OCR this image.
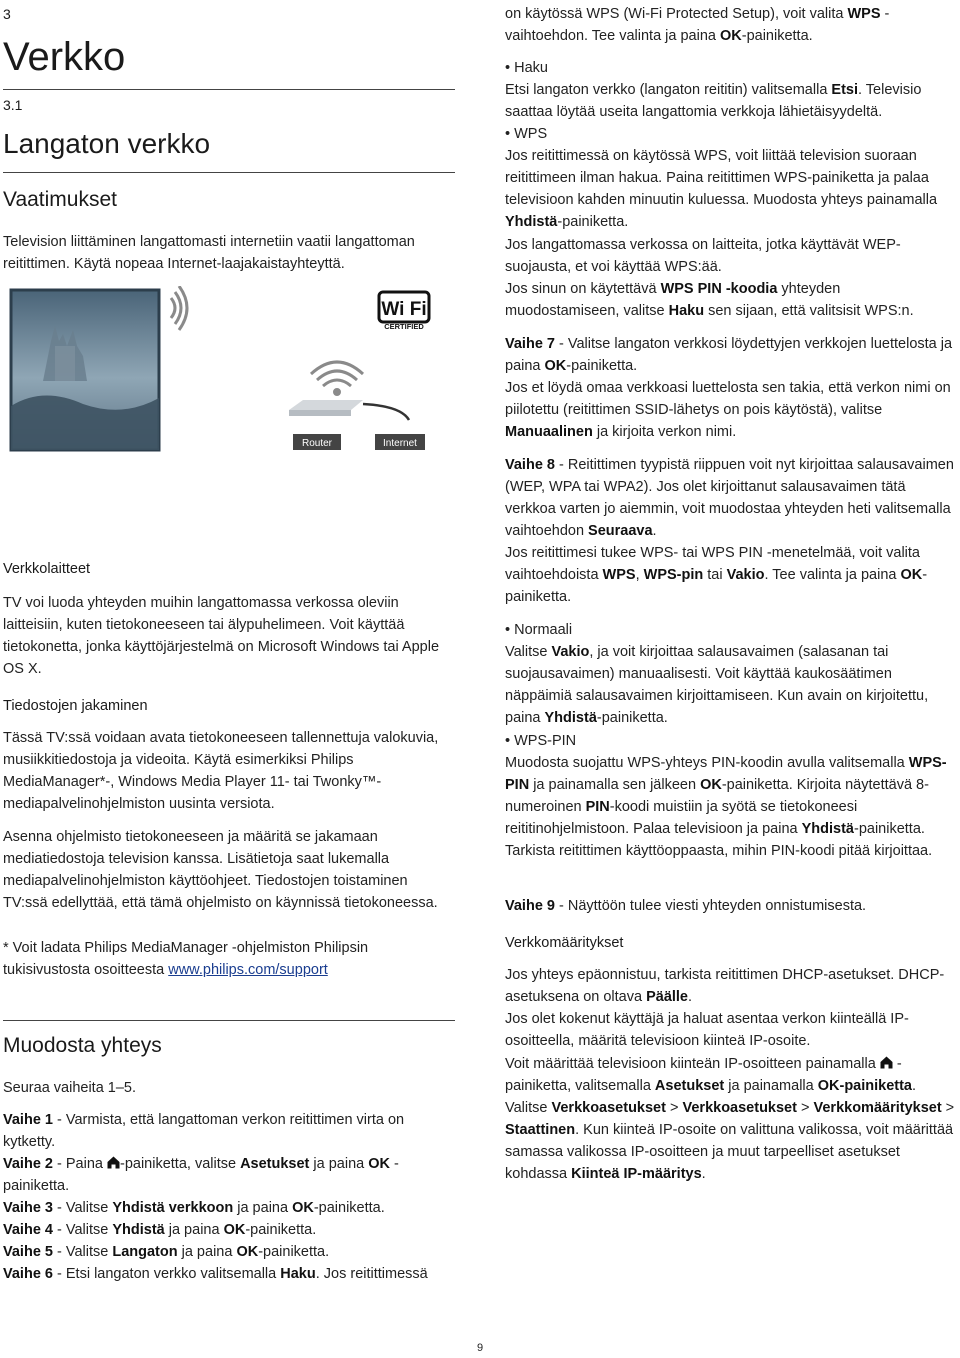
3
Verkko
3.1
Langaton verkko
Vaatimukset

Television liittäminen langattomasti internetiin vaatii langattoman reitittimen. Käytä nopeaa Internet-laajakaistayhteyttä.

Wi Fi
CERTIFIED
Router	Internet
Verkkolaitteet

TV voi luoda yhteyden muihin langattomassa verkossa oleviin laitteisiin, kuten tietokoneeseen tai älypuhelimeen. Voit käyttää tietokonetta, jonka käyttöjärjestelmä on Microsoft Windows tai Apple OS X.

Tiedostojen jakaminen

Tässä TV:ssä voidaan avata tietokoneeseen tallennettuja valokuvia, musiikkitiedostoja ja videoita. Käytä esimerkiksi Philips MediaManager*-, Windows Media Player 11- tai Twonky™-mediapalvelinohjelmiston uusinta versiota.

Asenna ohjelmisto tietokoneeseen ja määritä se jakamaan mediatiedostoja television kanssa. Lisätietoja saat lukemalla mediapalvelinohjelmiston käyttöohjeet. Tiedostojen toistaminen TV:ssä edellyttää, että tämä ohjelmisto on käynnissä tietokoneessa.

* Voit ladata Philips MediaManager -ohjelmiston Philipsin tukisivustosta osoitteesta www.philips.com/support

Muodosta yhteys

Seuraa vaiheita 1–5.

Vaihe 1 - Varmista, että langattoman verkon reitittimen virta on kytketty.

Vaihe 2 - Paina -painiketta, valitse Asetukset ja paina OK -painiketta.

Vaihe 3 - Valitse Yhdistä verkkoon ja paina OK-painiketta.

Vaihe 4 - Valitse Yhdistä ja paina OK-painiketta.

Vaihe 5 - Valitse Langaton ja paina OK-painiketta.

Vaihe 6 - Etsi langaton verkko valitsemalla Haku. Jos reitittimessä

on käytössä WPS (Wi-Fi Protected Setup), voit valita WPS -vaihtoehdon. Tee valinta ja paina OK-painiketta.

• Haku

Etsi langaton verkko (langaton reititin) valitsemalla Etsi. Televisio saattaa löytää useita langattomia verkkoja lähietäisyydeltä.

• WPS

Jos reitittimessä on käytössä WPS, voit liittää television suoraan reitittimeen ilman hakua. Paina reitittimen WPS-painiketta ja palaa televisioon kahden minuutin kuluessa. Muodosta yhteys painamalla Yhdistä-painiketta.

Jos langattomassa verkossa on laitteita, jotka käyttävät WEP-suojausta, et voi käyttää WPS:ää.

Jos sinun on käytettävä WPS PIN -koodia yhteyden muodostamiseen, valitse Haku sen sijaan, että valitsisit WPS:n.

Vaihe 7 - Valitse langaton verkkosi löydettyjen verkkojen luettelosta ja paina OK-painiketta.

Jos et löydä omaa verkkoasi luettelosta sen takia, että verkon nimi on piilotettu (reitittimen SSID-lähetys on pois käytöstä), valitse Manuaalinen ja kirjoita verkon nimi.

Vaihe 8 - Reitittimen tyypistä riippuen voit nyt kirjoittaa salausavaimen (WEP, WPA tai WPA2). Jos olet kirjoittanut salausavaimen tätä verkkoa varten jo aiemmin, voit muodostaa yhteyden heti valitsemalla vaihtoehdon Seuraava.

Jos reitittimesi tukee WPS- tai WPS PIN -menetelmää, voit valita vaihtoehdoista WPS, WPS-pin tai Vakio. Tee valinta ja paina OK-painiketta.

• Normaali

Valitse Vakio, ja voit kirjoittaa salausavaimen (salasanan tai suojausavaimen) manuaalisesti. Voit käyttää kaukosäätimen näppäimiä salausavaimen kirjoittamiseen. Kun avain on kirjoitettu, paina Yhdistä-painiketta.

• WPS-PIN

Muodosta suojattu WPS-yhteys PIN-koodin avulla valitsemalla WPS-PIN ja painamalla sen jälkeen OK-painiketta. Kirjoita näytettävä 8-numeroinen PIN-koodi muistiin ja syötä se tietokoneesi reititinohjelmistoon. Palaa televisioon ja paina Yhdistä-painiketta. Tarkista reitittimen käyttöoppaasta, mihin PIN-koodi pitää kirjoittaa.

Vaihe 9 - Näyttöön tulee viesti yhteyden onnistumisesta.

Verkkomääritykset

Jos yhteys epäonnistuu, tarkista reitittimen DHCP-asetukset. DHCP-asetuksena on oltava Päälle.

Jos olet kokenut käyttäjä ja haluat asentaa verkon kiinteällä IP-osoitteella, määritä televisioon kiinteä IP-osoite.

Voit määrittää televisioon kiinteän IP-osoitteen painamalla  -painiketta, valitsemalla Asetukset ja painamalla OK-painiketta. Valitse Verkkoasetukset > Verkkoasetukset > Verkkomääritykset > Staattinen. Kun kiinteä IP-osoite on valittuna valikossa, voit määrittää samassa valikossa IP-osoitteen ja muut tarpeelliset asetukset kohdassa Kiinteä IP-määritys.

9
